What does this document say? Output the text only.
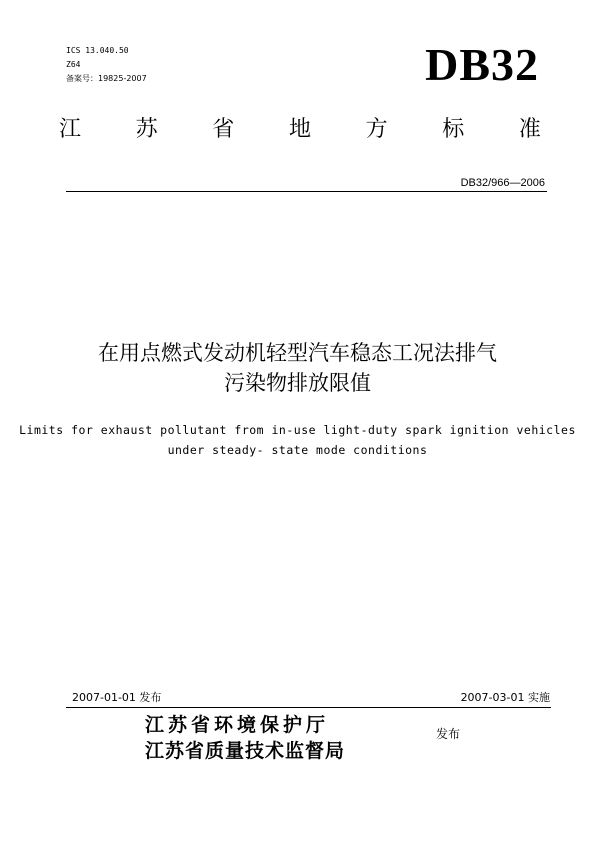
ICS 13.040.50
Z64
备案号：19825-2007	DB32
江	苏	省	地	方	标	准
DB32/966—2006
在用点燃式发动机轻型汽车稳态工况法排气
污染物排放限值
Limits for exhaust pollutant from in-use light-duty spark ignition vehicles
under steady- state mode conditions
2007-01-01 发布	2007-03-01 实施
江苏省环境保护厅
江苏省质量技术监督局
发布
